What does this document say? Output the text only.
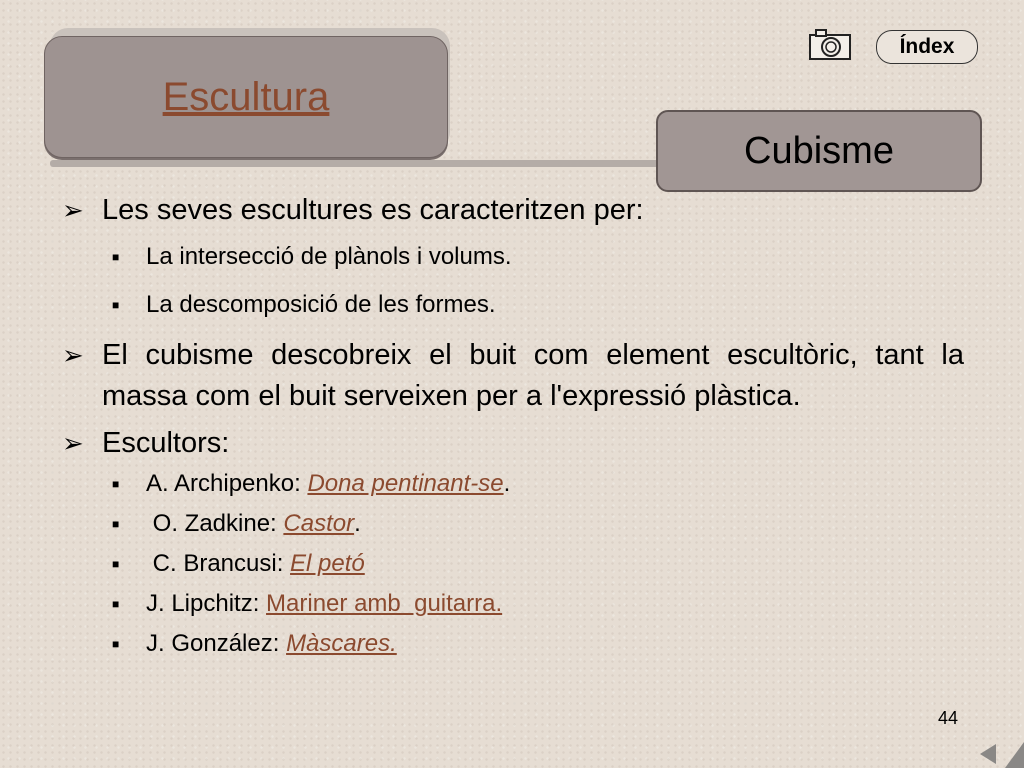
Escultura
Índex
Cubisme
➢ Les seves escultures es caracteritzen per:
■ La intersecció de plànols i volums.
■ La descomposició de les formes.
➢ El cubisme descobreix el buit com element escultòric, tant la massa com el buit serveixen per a l'expressió plàstica.
➢ Escultors:
■ A. Archipenko: Dona pentinant-se.
■ O. Zadkine: Castor.
■ C. Brancusi: El petó
■ J. Lipchitz: Mariner amb  guitarra.
■ J. González: Màscares.
44
